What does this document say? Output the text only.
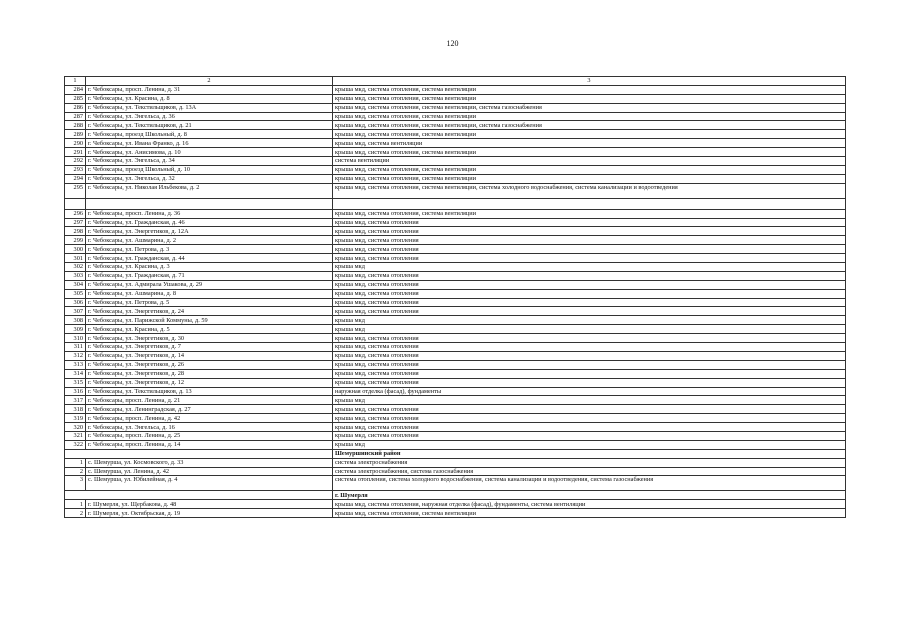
120
1	2	3
284	г. Чебоксары, просп. Ленина, д. 31	крыша мкд, система отопления, система вентиляции
285	г. Чебоксары, ул. Красина, д. 8	крыша мкд, система отопления, система вентиляции
286	г. Чебоксары, ул. Текстильщиков, д. 13А	крыша мкд, система отопления, система вентиляции, система газоснабжения
287	г. Чебоксары, ул. Энгельса, д. 36	крыша мкд, система отопления, система вентиляции
288	г. Чебоксары, ул. Текстильщиков, д. 21	крыша мкд, система отопления, система вентиляции, система газоснабжения
289	г. Чебоксары, проезд Школьный, д. 8	крыша мкд, система отопления, система вентиляции
290	г. Чебоксары, ул. Ивана Франко, д. 16	крыша мкд, система вентиляции
291	г. Чебоксары, ул. Анисимова, д. 10	крыша мкд, система отопления, система вентиляции
292	г. Чебоксары, ул. Энгельса, д. 34	система вентиляции
293	г. Чебоксары, проезд Школьный, д. 10	крыша мкд, система отопления, система вентиляции
294	г. Чебоксары, ул. Энгельса, д. 32	крыша мкд, система отопления, система вентиляции
295	г. Чебоксары, ул. Николая Ильбекова, д. 2	крыша мкд, система отопления, система вентиляции, система холодного водоснабжения, система канализации и водоотведения

296	г. Чебоксары, просп. Ленина, д. 36	крыша мкд, система отопления, система вентиляции
297	г. Чебоксары, ул. Гражданская, д. 46	крыша мкд, система отопления
298	г. Чебоксары, ул. Энергетиков, д. 12А	крыша мкд, система отопления
299	г. Чебоксары, ул. Ашмарина, д. 2	крыша мкд, система отопления
300	г. Чебоксары, ул. Петрова, д. 3	крыша мкд, система отопления
301	г. Чебоксары, ул. Гражданская, д. 44	крыша мкд, система отопления
302	г. Чебоксары, ул. Красина, д. 3	крыша мкд
303	г. Чебоксары, ул. Гражданская, д. 71	крыша мкд, система отопления
304	г. Чебоксары, ул. Адмирала Ушакова, д. 29	крыша мкд, система отопления
305	г. Чебоксары, ул. Ашмарина, д. 8	крыша мкд, система отопления
306	г. Чебоксары, ул. Петрова, д. 5	крыша мкд, система отопления
307	г. Чебоксары, ул. Энергетиков, д. 24	крыша мкд, система отопления
308	г. Чебоксары, ул. Парижской Коммуны, д. 59	крыша мкд
309	г. Чебоксары, ул. Красина, д. 5	крыша мкд
310	г. Чебоксары, ул. Энергетиков, д. 30	крыша мкд, система отопления
311	г. Чебоксары, ул. Энергетиков, д. 7	крыша мкд, система отопления
312	г. Чебоксары, ул. Энергетиков, д. 14	крыша мкд, система отопления
313	г. Чебоксары, ул. Энергетиков, д. 26	крыша мкд, система отопления
314	г. Чебоксары, ул. Энергетиков, д. 28	крыша мкд, система отопления
315	г. Чебоксары, ул. Энергетиков, д. 12	крыша мкд, система отопления
316	г. Чебоксары, ул. Текстильщиков, д. 13	наружная отделка (фасад), фундаменты
317	г. Чебоксары, просп. Ленина, д. 21	крыша мкд
318	г. Чебоксары, ул. Ленинградская, д. 27	крыша мкд, система отопления
319	г. Чебоксары, просп. Ленина, д. 42	крыша мкд, система отопления
320	г. Чебоксары, ул. Энгельса, д. 16	крыша мкд, система отопления
321	г. Чебоксары, просп. Ленина, д. 25	крыша мкд, система отопления
322	г. Чебоксары, просп. Ленина, д. 14	крыша мкд
		Шемуршинский район
1	с. Шемурша, ул. Космовского, д. 33	система электроснабжения
2	с. Шемурша, ул. Ленина, д. 42	система электроснабжения, система газоснабжения
3	с. Шемурша, ул. Юбилейная, д. 4	система отопления, система холодного водоснабжения, система канализации и водоотведения, система газоснабжения
		г. Шумерля
1	г. Шумерля, ул. Щербакова, д. 48	крыша мкд, система отопления, наружная отделка (фасад), фундаменты, система вентиляции
2	г. Шумерля, ул. Октябрьская, д. 19	крыша мкд, система отопления, система вентиляции
